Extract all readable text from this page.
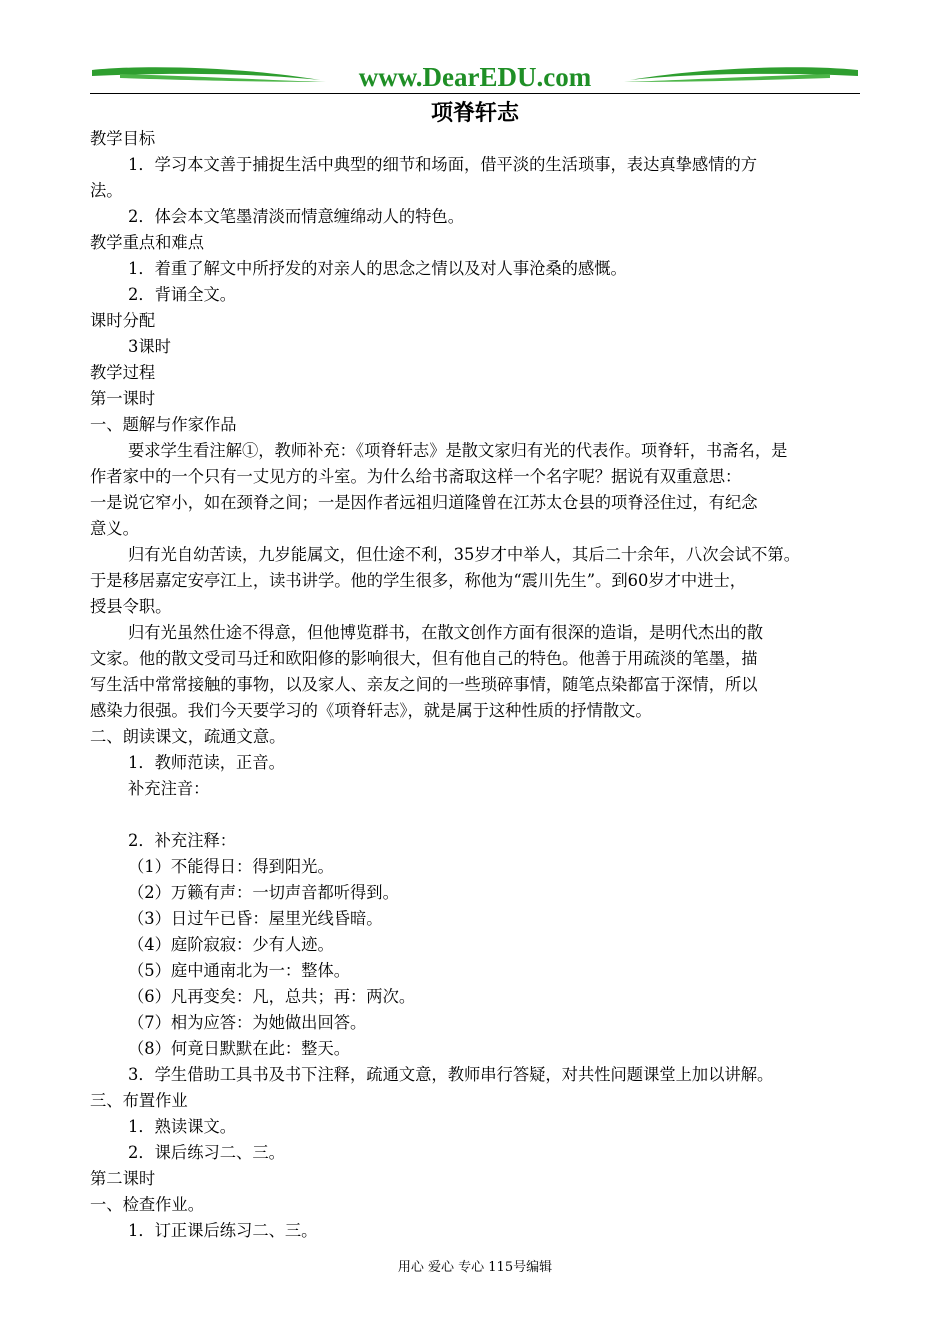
www.DearEDU.com
项脊轩志
教学目标
1．学习本文善于捕捉生活中典型的细节和场面，借平淡的生活琐事，表达真挚感情的方
法。
2．体会本文笔墨清淡而情意缠绵动人的特色。
教学重点和难点
1．着重了解文中所抒发的对亲人的思念之情以及对人事沧桑的感慨。
2．背诵全文。
课时分配
3课时
教学过程
第一课时
一、题解与作家作品
要求学生看注解①，教师补充：《项脊轩志》是散文家归有光的代表作。项脊轩，书斋名，是
作者家中的一个只有一丈见方的斗室。为什么给书斋取这样一个名字呢？据说有双重意思：
一是说它窄小，如在颈脊之间；一是因作者远祖归道隆曾在江苏太仓县的项脊泾住过，有纪念
意义。
归有光自幼苦读，九岁能属文，但仕途不利，35岁才中举人，其后二十余年，八次会试不第。
于是移居嘉定安亭江上，读书讲学。他的学生很多，称他为“震川先生”。到60岁才中进士，
授县令职。
归有光虽然仕途不得意，但他博览群书，在散文创作方面有很深的造诣，是明代杰出的散
文家。他的散文受司马迁和欧阳修的影响很大，但有他自己的特色。他善于用疏淡的笔墨，描
写生活中常常接触的事物，以及家人、亲友之间的一些琐碎事情，随笔点染都富于深情，所以
感染力很强。我们今天要学习的《项脊轩志》，就是属于这种性质的抒情散文。
二、朗读课文，疏通文意。
1．教师范读，正音。
补充注音：
2．补充注释：
（1）不能得日：得到阳光。
（2）万籁有声：一切声音都听得到。
（3）日过午已昏：屋里光线昏暗。
（4）庭阶寂寂：少有人迹。
（5）庭中通南北为一：整体。
（6）凡再变矣：凡，总共；再：两次。
（7）相为应答：为她做出回答。
（8）何竟日默默在此：整天。
3．学生借助工具书及书下注释，疏通文意，教师串行答疑，对共性问题课堂上加以讲解。
三、布置作业
1．熟读课文。
2．课后练习二、三。
第二课时
一、检查作业。
1．订正课后练习二、三。
用心 爱心 专心 115号编辑
